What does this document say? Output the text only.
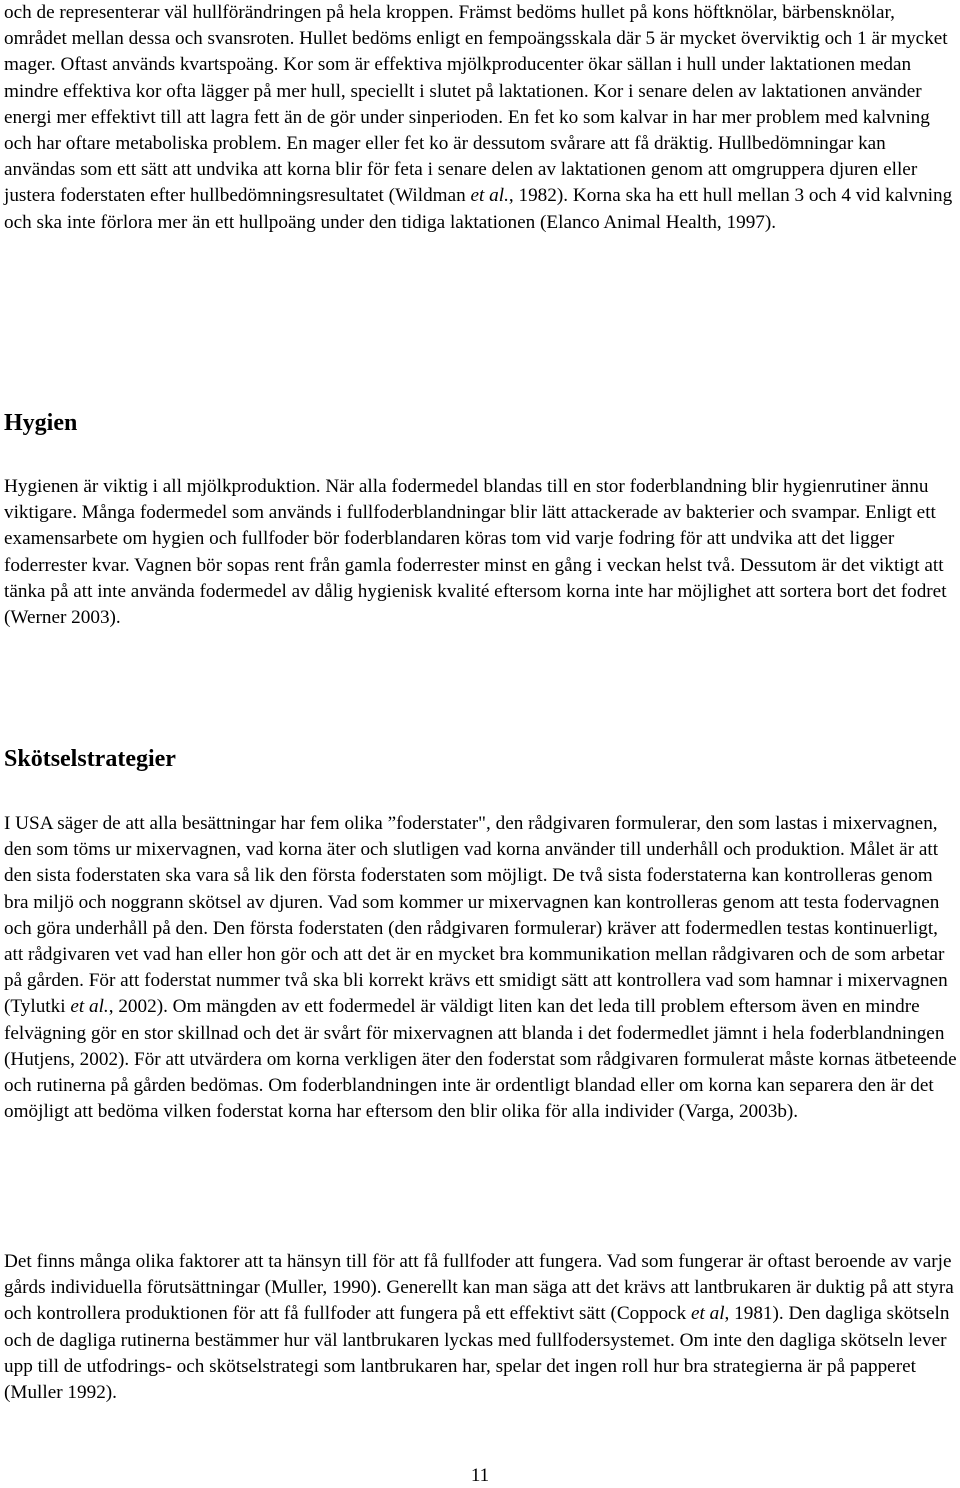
och de representerar väl hullförändringen på hela kroppen. Främst bedöms hullet på kons höftknölar, bärbensknölar, området mellan dessa och svansroten. Hullet bedöms enligt en fempoängsskala där 5 är mycket överviktig och 1 är mycket mager. Oftast används kvartspoäng. Kor som är effektiva mjölkproducenter ökar sällan i hull under laktationen medan mindre effektiva kor ofta lägger på mer hull, speciellt i slutet på laktationen. Kor i senare delen av laktationen använder energi mer effektivt till att lagra fett än de gör under sinperioden. En fet ko som kalvar in har mer problem med kalvning och har oftare metaboliska problem. En mager eller fet ko är dessutom svårare att få dräktig. Hullbedömningar kan användas som ett sätt att undvika att korna blir för feta i senare delen av laktationen genom att omgruppera djuren eller justera foderstaten efter hullbedömningsresultatet (Wildman et al., 1982). Korna ska ha ett hull mellan 3 och 4 vid kalvning och ska inte förlora mer än ett hullpoäng under den tidiga laktationen (Elanco Animal Health, 1997).

Hygien

Hygienen är viktig i all mjölkproduktion. När alla fodermedel blandas till en stor foderblandning blir hygienrutiner ännu viktigare. Många fodermedel som används i fullfoderblandningar blir lätt attackerade av bakterier och svampar. Enligt ett examensarbete om hygien och fullfoder bör foderblandaren köras tom vid varje fodring för att undvika att det ligger foderrester kvar. Vagnen bör sopas rent från gamla foderrester minst en gång i veckan helst två. Dessutom är det viktigt att tänka på att inte använda fodermedel av dålig hygienisk kvalité eftersom korna inte har möjlighet att sortera bort det fodret (Werner 2003).

Skötselstrategier

I USA säger de att alla besättningar har fem olika ”foderstater", den rådgivaren formulerar, den som lastas i mixervagnen, den som töms ur mixervagnen, vad korna äter och slutligen vad korna använder till underhåll och produktion. Målet är att den sista foderstaten ska vara så lik den första foderstaten som möjligt. De två sista foderstaterna kan kontrolleras genom bra miljö och noggrann skötsel av djuren. Vad som kommer ur mixervagnen kan kontrolleras genom att testa fodervagnen och göra underhåll på den. Den första foderstaten (den rådgivaren formulerar) kräver att fodermedlen testas kontinuerligt, att rådgivaren vet vad han eller hon gör och att det är en mycket bra kommunikation mellan rådgivaren och de som arbetar på gården. För att foderstat nummer två ska bli korrekt krävs ett smidigt sätt att kontrollera vad som hamnar i mixervagnen (Tylutki et al., 2002). Om mängden av ett fodermedel är väldigt liten kan det leda till problem eftersom även en mindre felvägning gör en stor skillnad och det är svårt för mixervagnen att blanda i det fodermedlet jämnt i hela foderblandningen (Hutjens, 2002). För att utvärdera om korna verkligen äter den foderstat som rådgivaren formulerat måste kornas ätbeteende och rutinerna på gården bedömas. Om foderblandningen inte är ordentligt blandad eller om korna kan separera den är det omöjligt att bedöma vilken foderstat korna har eftersom den blir olika för alla individer (Varga, 2003b).

Det finns många olika faktorer att ta hänsyn till för att få fullfoder att fungera. Vad som fungerar är oftast beroende av varje gårds individuella förutsättningar (Muller, 1990). Generellt kan man säga att det krävs att lantbrukaren är duktig på att styra och kontrollera produktionen för att få fullfoder att fungera på ett effektivt sätt (Coppock et al, 1981). Den dagliga skötseln och de dagliga rutinerna bestämmer hur väl lantbrukaren lyckas med fullfodersystemet. Om inte den dagliga skötseln lever upp till de utfodrings- och skötselstrategi som lantbrukaren har, spelar det ingen roll hur bra strategierna är på papperet (Muller 1992).

11
